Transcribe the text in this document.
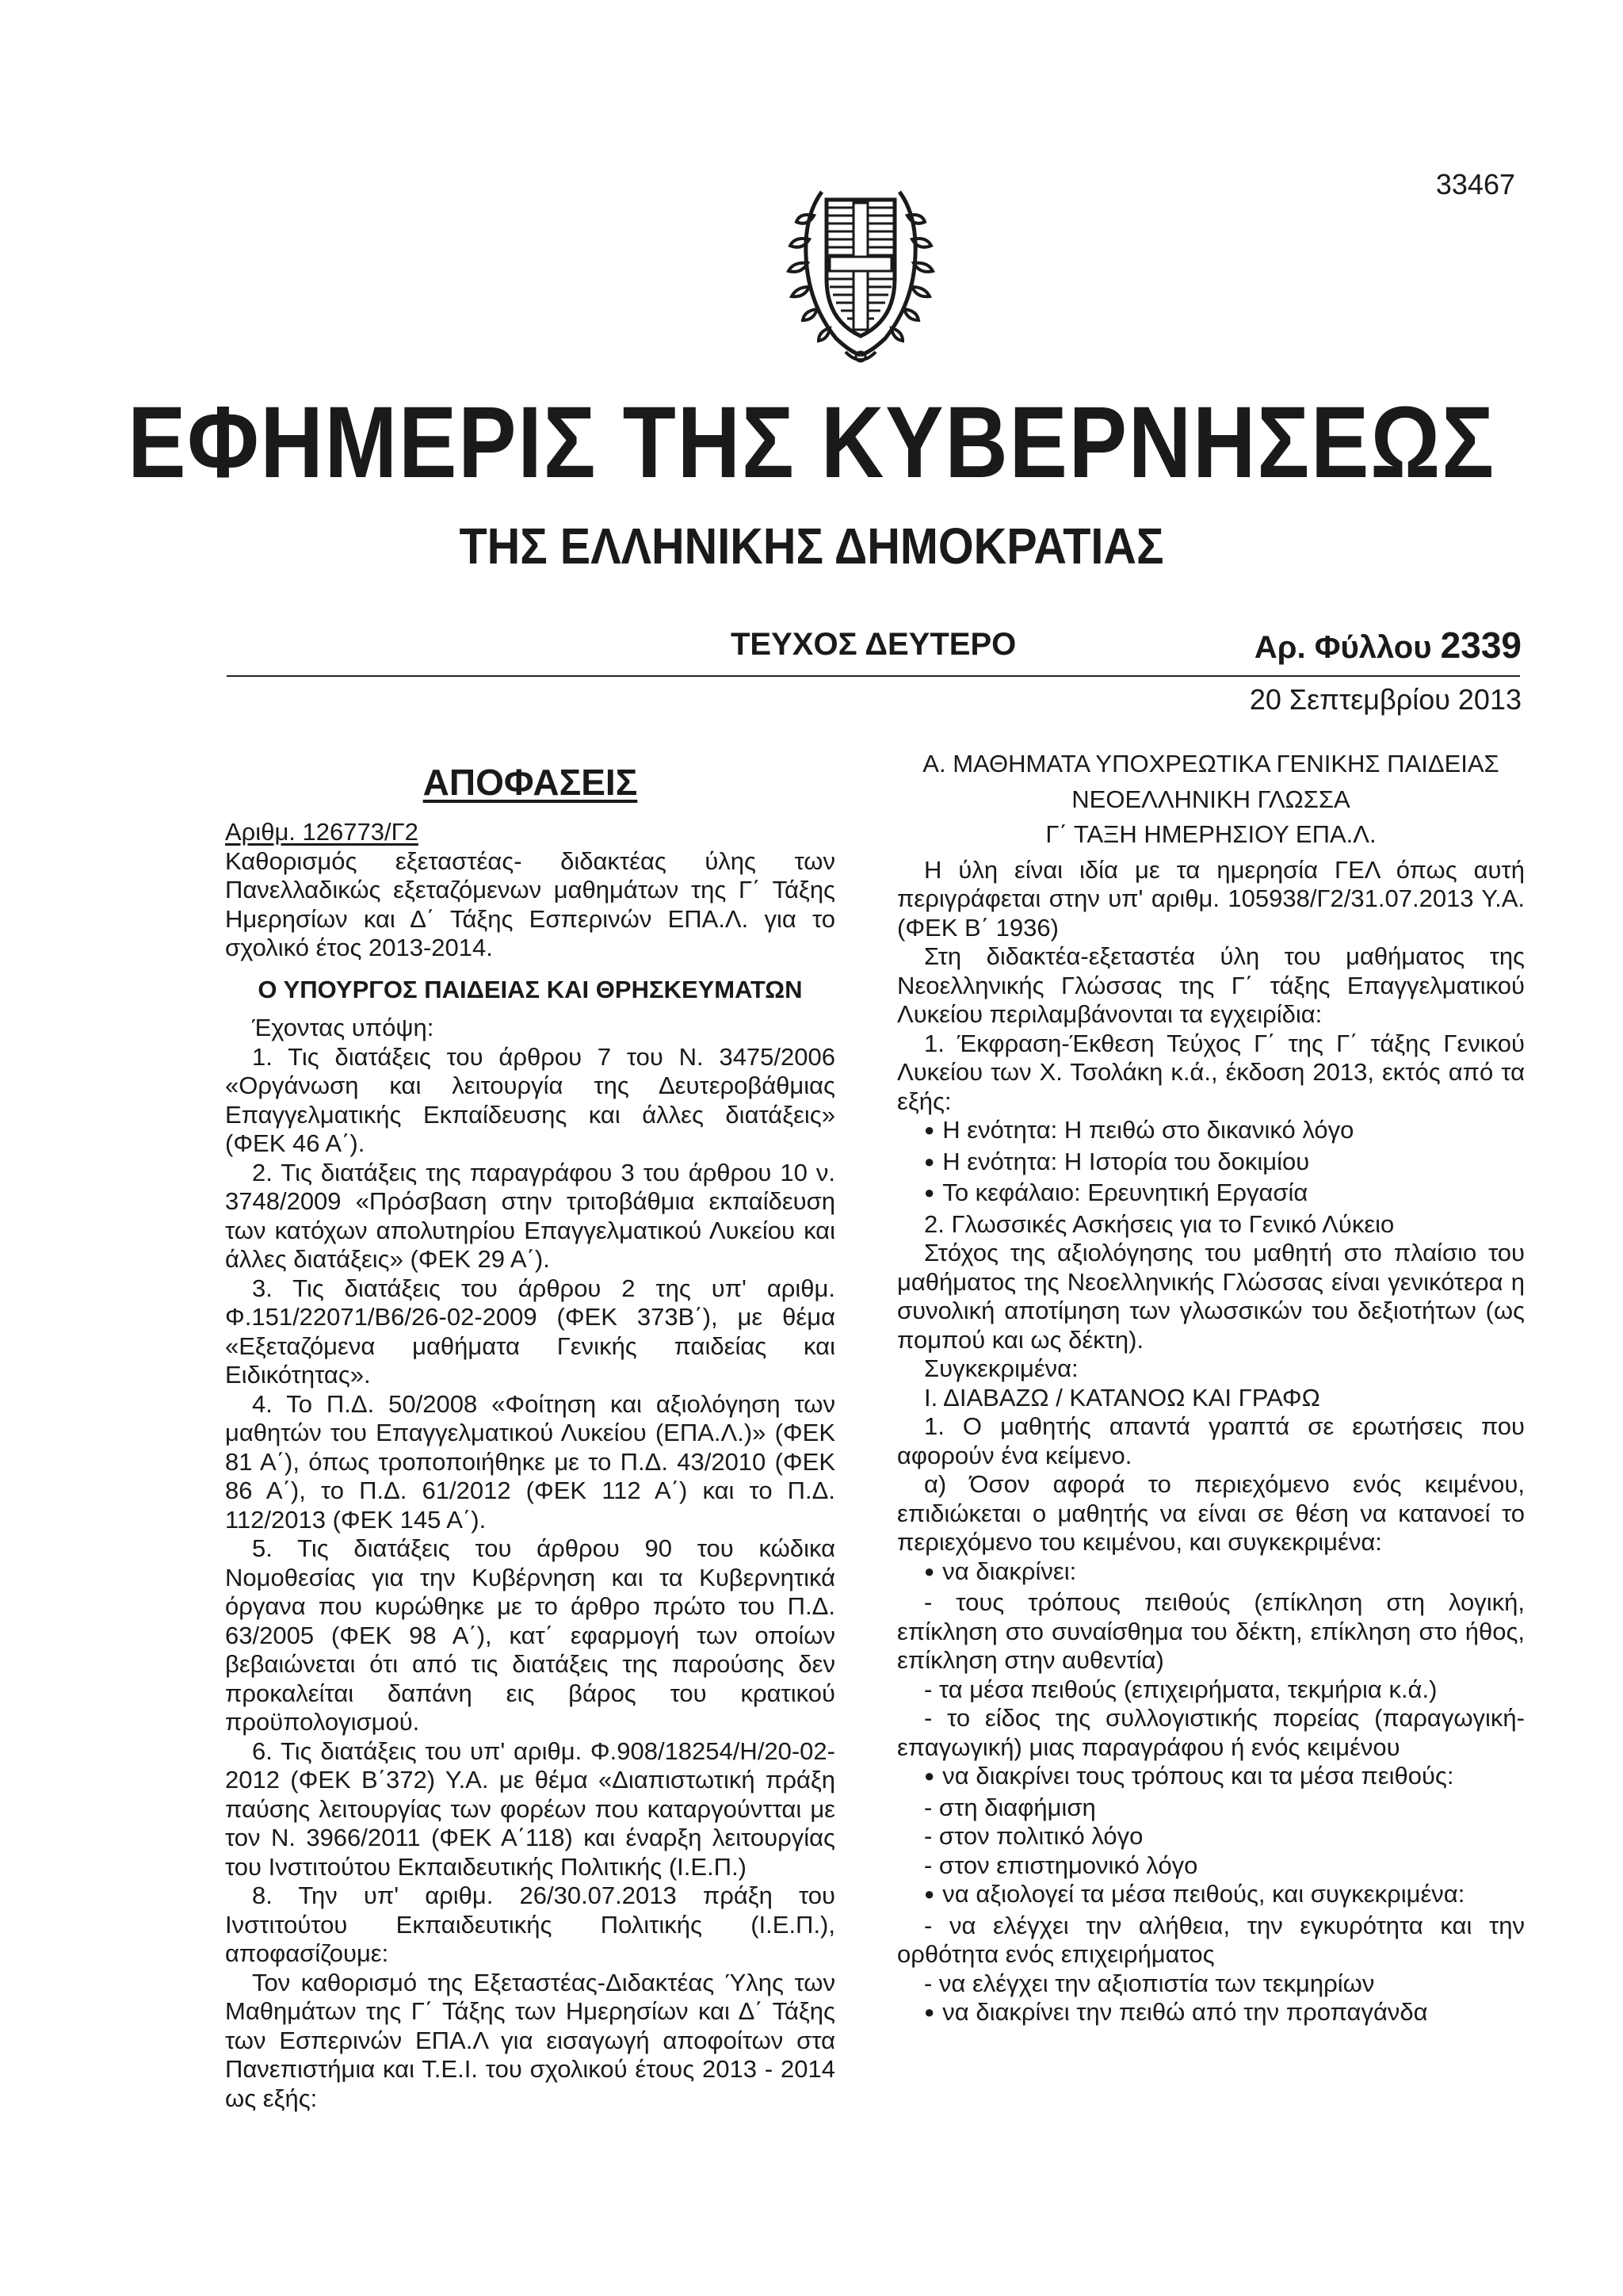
33467
ΕΦΗΜΕΡΙΣ ΤΗΣ ΚΥΒΕΡΝΗΣΕΩΣ
ΤΗΣ ΕΛΛΗΝΙΚΗΣ ΔΗΜΟΚΡΑΤΙΑΣ
ΤΕΥΧΟΣ ΔΕΥΤΕΡΟ	Αρ. Φύλλου 2339
20 Σεπτεμβρίου 2013

ΑΠΟΦΑΣΕΙΣ

Αριθμ. 126773/Γ2

Καθορισμός εξεταστέας- διδακτέας ύλης των Πανελλαδικώς εξεταζόμενων μαθημάτων της Γ΄ Τάξης Ημερησίων και Δ΄ Τάξης Εσπερινών ΕΠΑ.Λ. για το σχολικό έτος 2013-2014.

Ο ΥΠΟΥΡΓΟΣ ΠΑΙΔΕΙΑΣ ΚΑΙ ΘΡΗΣΚΕΥΜΑΤΩΝ

Έχοντας υπόψη:

1. Τις διατάξεις του άρθρου 7 του Ν. 3475/2006 «Οργάνωση και λειτουργία της Δευτεροβάθμιας Επαγγελματικής Εκπαίδευσης και άλλες διατάξεις» (ΦΕΚ 46 Α΄).

2. Τις διατάξεις της παραγράφου 3 του άρθρου 10 ν. 3748/2009 «Πρόσβαση στην τριτοβάθμια εκπαίδευση των κατόχων απολυτηρίου Επαγγελματικού Λυκείου και άλλες διατάξεις» (ΦΕΚ 29 Α΄).

3. Τις διατάξεις του άρθρου 2 της υπ' αριθμ. Φ.151/22071/Β6/26-02-2009 (ΦΕΚ 373Β΄), με θέμα «Εξεταζόμενα μαθήματα Γενικής παιδείας και Ειδικότητας».

4. Το Π.Δ. 50/2008 «Φοίτηση και αξιολόγηση των μαθητών του Επαγγελματικού Λυκείου (ΕΠΑ.Λ.)» (ΦΕΚ 81 Α΄), όπως τροποποιήθηκε με το Π.Δ. 43/2010 (ΦΕΚ 86 Α΄), το Π.Δ. 61/2012 (ΦΕΚ 112 Α΄) και το Π.Δ. 112/2013 (ΦΕΚ 145 Α΄).

5. Τις διατάξεις του άρθρου 90 του κώδικα Νομοθεσίας για την Κυβέρνηση και τα Κυβερνητικά όργανα που κυρώθηκε με το άρθρο πρώτο του Π.Δ. 63/2005 (ΦΕΚ 98 Α΄), κατ΄ εφαρμογή των οποίων βεβαιώνεται ότι από τις διατάξεις της παρούσης δεν προκαλείται δαπάνη εις βάρος του κρατικού προϋπολογισμού.

6. Τις διατάξεις του υπ' αριθμ. Φ.908/18254/Η/20-02-2012 (ΦΕΚ Β΄372) Υ.Α. με θέμα «Διαπιστωτική πράξη παύσης λειτουργίας των φορέων που καταργούντται με τον Ν. 3966/2011 (ΦΕΚ Α΄118) και έναρξη λειτουργίας του Ινστιτούτου Εκπαιδευτικής Πολιτικής (Ι.Ε.Π.)

8. Την υπ' αριθμ. 26/30.07.2013 πράξη του Ινστιτούτου Εκπαιδευτικής Πολιτικής (Ι.Ε.Π.), αποφασίζουμε:

Τον καθορισμό της Εξεταστέας-Διδακτέας Ύλης των Μαθημάτων της Γ΄ Τάξης των Ημερησίων και Δ΄ Τάξης των Εσπερινών ΕΠΑ.Λ για εισαγωγή αποφοίτων στα Πανεπιστήμια και Τ.Ε.Ι. του σχολικού έτους 2013 - 2014 ως εξής:

Α. ΜΑΘΗΜΑΤΑ ΥΠΟΧΡΕΩΤΙΚΑ ΓΕΝΙΚΗΣ ΠΑΙΔΕΙΑΣ

ΝΕΟΕΛΛΗΝΙΚΗ ΓΛΩΣΣΑ

Γ΄ ΤΑΞΗ ΗΜΕΡΗΣΙΟΥ ΕΠΑ.Λ.

Η ύλη είναι ιδία με τα ημερησία ΓΕΛ όπως αυτή περιγράφεται στην υπ' αριθμ. 105938/Γ2/31.07.2013 Υ.Α. (ΦΕΚ Β΄ 1936)

Στη διδακτέα-εξεταστέα ύλη του μαθήματος της Νεοελληνικής Γλώσσας της Γ΄ τάξης Επαγγελματικού Λυκείου περιλαμβάνονται τα εγχειρίδια:

1. Έκφραση-Έκθεση Τεύχος Γ΄ της Γ΄ τάξης Γενικού Λυκείου των Χ. Τσολάκη κ.ά., έκδοση 2013, εκτός από τα εξής:

● Η ενότητα: Η πειθώ στο δικανικό λόγο

● Η ενότητα: Η Ιστορία του δοκιμίου

● Το κεφάλαιο: Ερευνητική Εργασία

2. Γλωσσικές Ασκήσεις για το Γενικό Λύκειο

Στόχος της αξιολόγησης του μαθητή στο πλαίσιο του μαθήματος της Νεοελληνικής Γλώσσας είναι γενικότερα η συνολική αποτίμηση των γλωσσικών του δεξιοτήτων (ως πομπού και ως δέκτη).

Συγκεκριμένα:

Ι. ΔΙΑΒΑΖΩ / ΚΑΤΑΝΟΩ ΚΑΙ ΓΡΑΦΩ

1. Ο μαθητής απαντά γραπτά σε ερωτήσεις που αφορούν ένα κείμενο.

α) Όσον αφορά το περιεχόμενο ενός κειμένου, επιδιώκεται ο μαθητής να είναι σε θέση να κατανοεί το περιεχόμενο του κειμένου, και συγκεκριμένα:

● να διακρίνει:

- τους τρόπους πειθούς (επίκληση στη λογική, επίκληση στο συναίσθημα του δέκτη, επίκληση στο ήθος, επίκληση στην αυθεντία)

- τα μέσα πειθούς (επιχειρήματα, τεκμήρια κ.ά.)

- το είδος της συλλογιστικής πορείας (παραγωγική-επαγωγική) μιας παραγράφου ή ενός κειμένου

● να διακρίνει τους τρόπους και τα μέσα πειθούς:

- στη διαφήμιση

- στον πολιτικό λόγο

- στον επιστημονικό λόγο

● να αξιολογεί τα μέσα πειθούς, και συγκεκριμένα:

- να ελέγχει την αλήθεια, την εγκυρότητα και την ορθότητα ενός επιχειρήματος

- να ελέγχει την αξιοπιστία των τεκμηρίων

● να διακρίνει την πειθώ από την προπαγάνδα
